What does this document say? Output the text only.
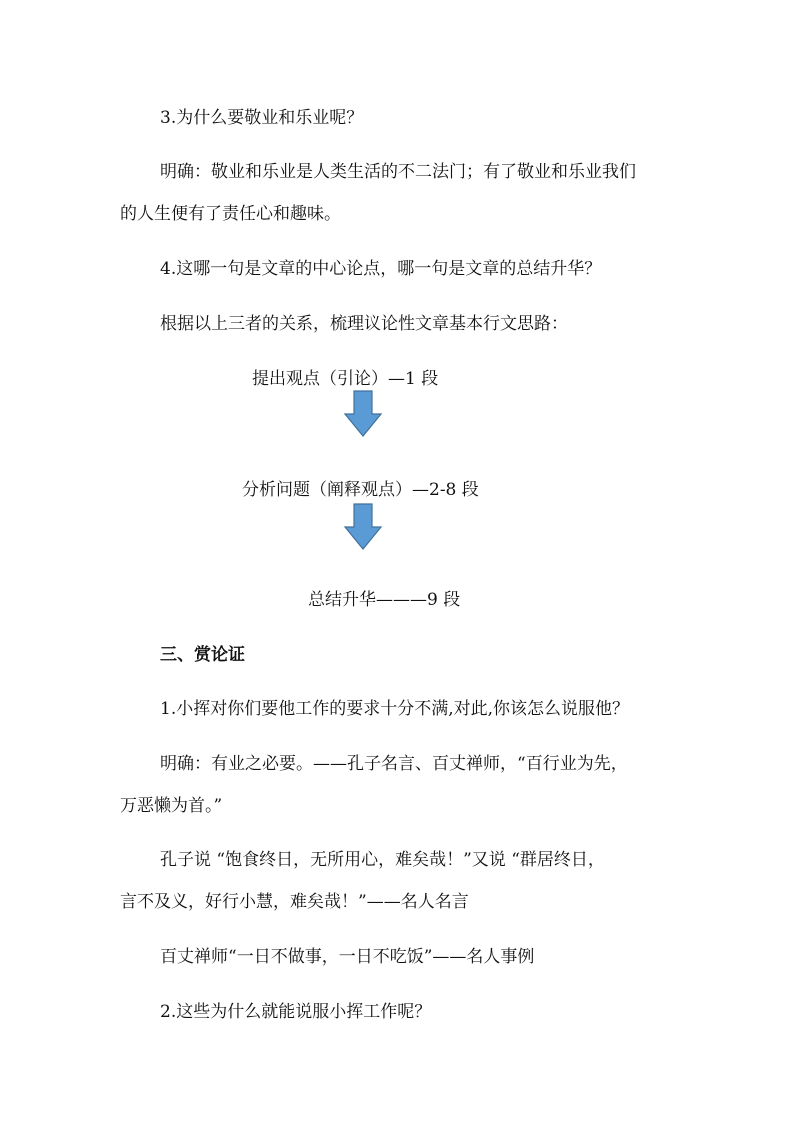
3.为什么要敬业和乐业呢？
明确：敬业和乐业是人类生活的不二法门；有了敬业和乐业我们
的人生便有了责任心和趣味。
4.这哪一句是文章的中心论点，哪一句是文章的总结升华？
根据以上三者的关系，梳理议论性文章基本行文思路：
提出观点（引论）—1 段
分析问题（阐释观点）—2-8 段
总结升华———9 段
三、赏论证
1.小挥对你们要他工作的要求十分不满,对此,你该怎么说服他？
明确：有业之必要。——孔子名言、百丈禅师，“百行业为先，
万恶懒为首。”
孔子说 “饱食终日，无所用心，难矣哉！”又说 “群居终日，
言不及义，好行小慧，难矣哉！”——名人名言
百丈禅师“一日不做事，一日不吃饭”——名人事例
2.这些为什么就能说服小挥工作呢？
